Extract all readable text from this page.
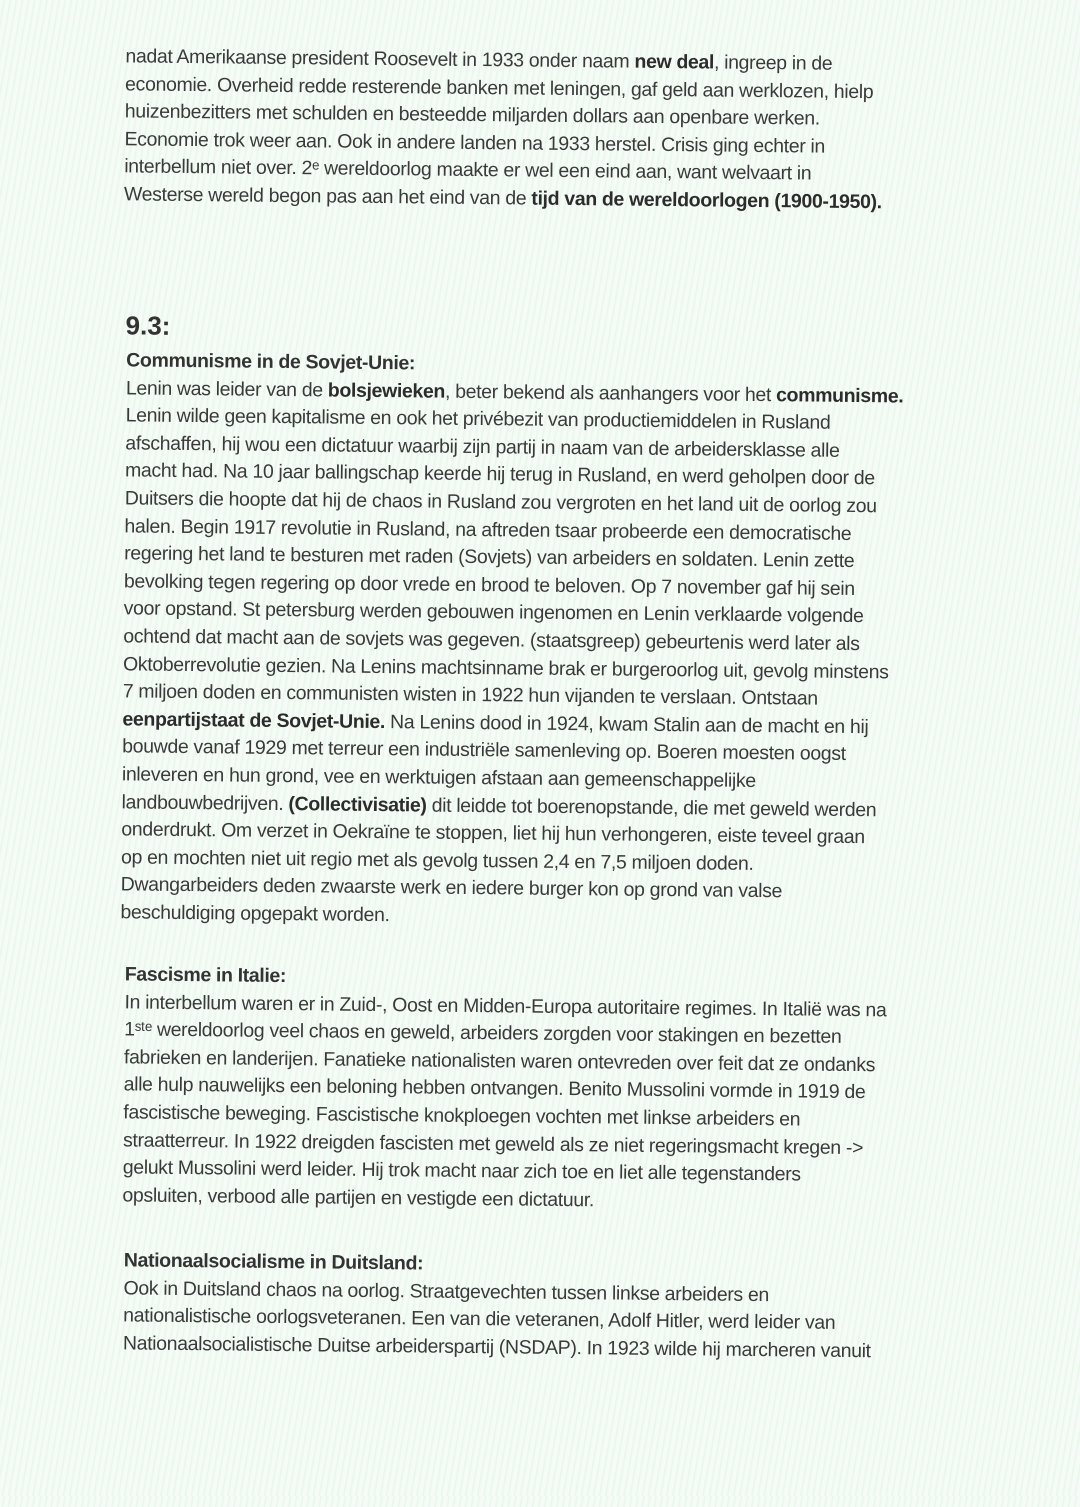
nadat Amerikaanse president Roosevelt in 1933 onder naam new deal, ingreep in de
economie. Overheid redde resterende banken met leningen, gaf geld aan werklozen, hielp
huizenbezitters met schulden en besteedde miljarden dollars aan openbare werken.
Economie trok weer aan. Ook in andere landen na 1933 herstel. Crisis ging echter in
interbellum niet over. 2ᵉ wereldoorlog maakte er wel een eind aan, want welvaart in
Westerse wereld begon pas aan het eind van de tijd van de wereldoorlogen (1900-1950).

9.3:

Communisme in de Sovjet-Unie:

Lenin was leider van de bolsjewieken, beter bekend als aanhangers voor het communisme.
Lenin wilde geen kapitalisme en ook het privébezit van productiemiddelen in Rusland
afschaffen, hij wou een dictatuur waarbij zijn partij in naam van de arbeidersklasse alle
macht had. Na 10 jaar ballingschap keerde hij terug in Rusland, en werd geholpen door de
Duitsers die hoopte dat hij de chaos in Rusland zou vergroten en het land uit de oorlog zou
halen. Begin 1917 revolutie in Rusland, na aftreden tsaar probeerde een democratische
regering het land te besturen met raden (Sovjets) van arbeiders en soldaten. Lenin zette
bevolking tegen regering op door vrede en brood te beloven. Op 7 november gaf hij sein
voor opstand. St petersburg werden gebouwen ingenomen en Lenin verklaarde volgende
ochtend dat macht aan de sovjets was gegeven. (staatsgreep) gebeurtenis werd later als
Oktoberrevolutie gezien. Na Lenins machtsinname brak er burgeroorlog uit, gevolg minstens
7 miljoen doden en communisten wisten in 1922 hun vijanden te verslaan. Ontstaan
eenpartijstaat de Sovjet-Unie. Na Lenins dood in 1924, kwam Stalin aan de macht en hij
bouwde vanaf 1929 met terreur een industriële samenleving op. Boeren moesten oogst
inleveren en hun grond, vee en werktuigen afstaan aan gemeenschappelijke
landbouwbedrijven. (Collectivisatie) dit leidde tot boerenopstande, die met geweld werden
onderdrukt. Om verzet in Oekraïne te stoppen, liet hij hun verhongeren, eiste teveel graan
op en mochten niet uit regio met als gevolg tussen 2,4 en 7,5 miljoen doden.
Dwangarbeiders deden zwaarste werk en iedere burger kon op grond van valse
beschuldiging opgepakt worden.

Fascisme in Italie:

In interbellum waren er in Zuid-, Oost en Midden-Europa autoritaire regimes. In Italië was na
1ˢᵗᵉ wereldoorlog veel chaos en geweld, arbeiders zorgden voor stakingen en bezetten
fabrieken en landerijen. Fanatieke nationalisten waren ontevreden over feit dat ze ondanks
alle hulp nauwelijks een beloning hebben ontvangen. Benito Mussolini vormde in 1919 de
fascistische beweging. Fascistische knokploegen vochten met linkse arbeiders en
straatterreur. In 1922 dreigden fascisten met geweld als ze niet regeringsmacht kregen ->
gelukt Mussolini werd leider. Hij trok macht naar zich toe en liet alle tegenstanders
opsluiten, verbood alle partijen en vestigde een dictatuur.

Nationaalsocialisme in Duitsland:

Ook in Duitsland chaos na oorlog. Straatgevechten tussen linkse arbeiders en
nationalistische oorlogsveteranen. Een van die veteranen, Adolf Hitler, werd leider van
Nationaalsocialistische Duitse arbeiderspartij (NSDAP). In 1923 wilde hij marcheren vanuit
